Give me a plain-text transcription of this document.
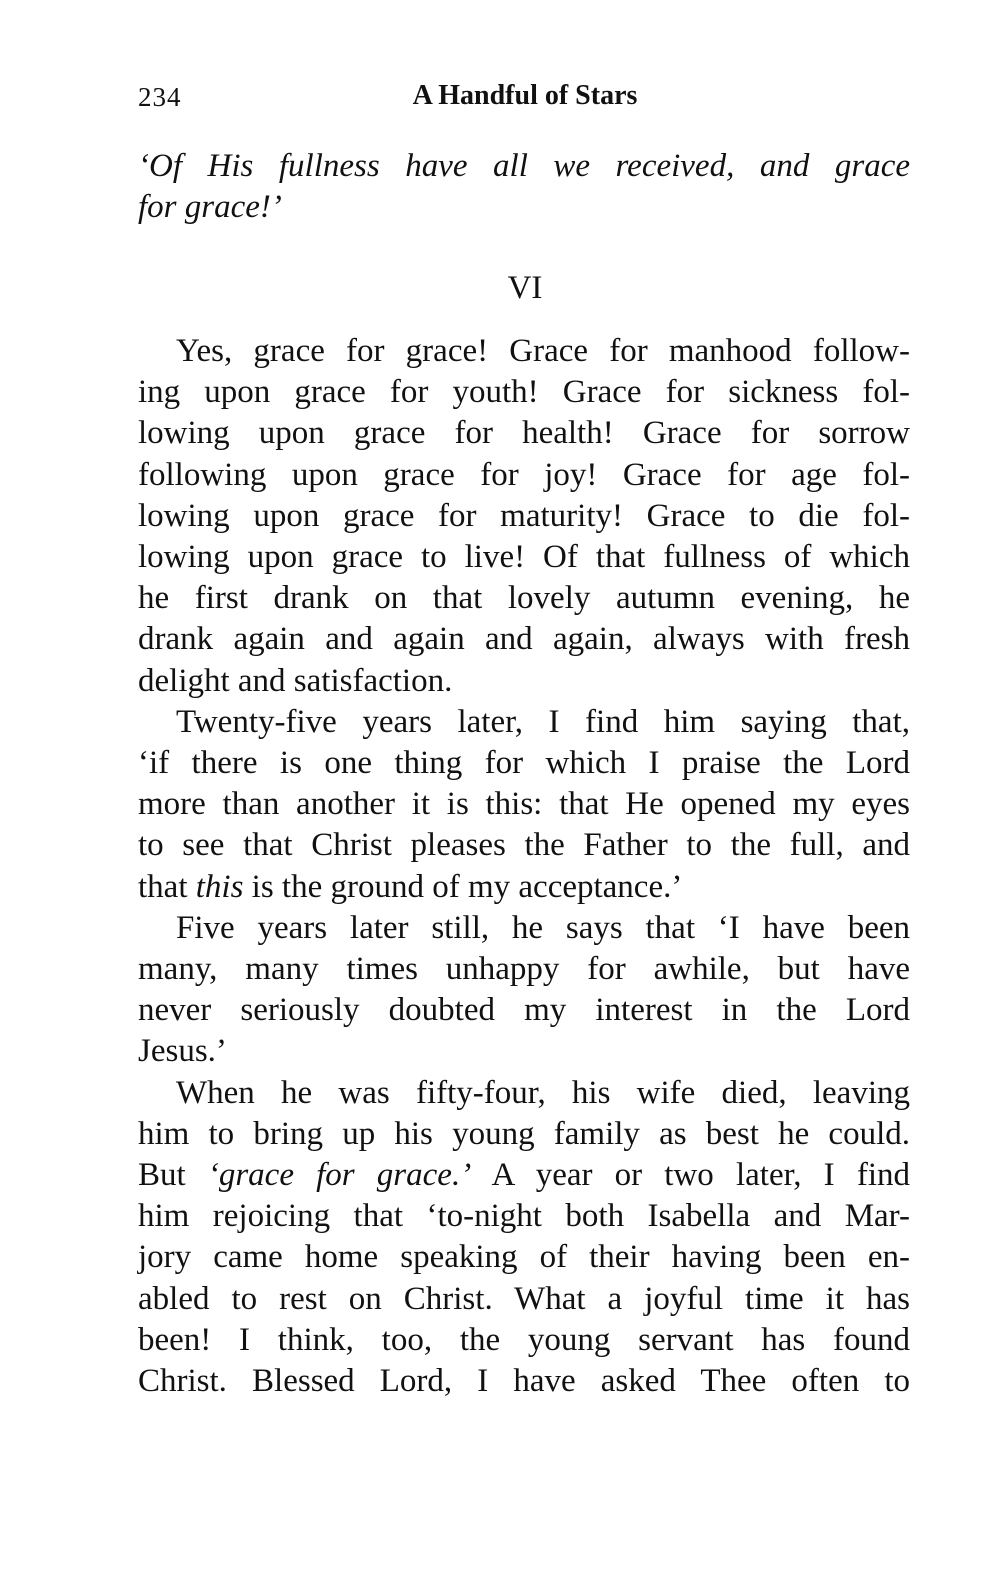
234	A Handful of Stars
‘Of His fullness have all we received, and grace
for grace!’
VI
Yes, grace for grace! Grace for manhood follow-
ing upon grace for youth! Grace for sickness fol-
lowing upon grace for health! Grace for sorrow
following upon grace for joy! Grace for age fol-
lowing upon grace for maturity! Grace to die fol-
lowing upon grace to live! Of that fullness of which
he first drank on that lovely autumn evening, he
drank again and again and again, always with fresh
delight and satisfaction.
Twenty-five years later, I find him saying that,
‘if there is one thing for which I praise the Lord
more than another it is this: that He opened my eyes
to see that Christ pleases the Father to the full, and
that this is the ground of my acceptance.’
Five years later still, he says that ‘I have been
many, many times unhappy for awhile, but have
never seriously doubted my interest in the Lord
Jesus.’
When he was fifty-four, his wife died, leaving
him to bring up his young family as best he could.
But ‘grace for grace.’ A year or two later, I find
him rejoicing that ‘to-night both Isabella and Mar-
jory came home speaking of their having been en-
abled to rest on Christ. What a joyful time it has
been! I think, too, the young servant has found
Christ. Blessed Lord, I have asked Thee often to
